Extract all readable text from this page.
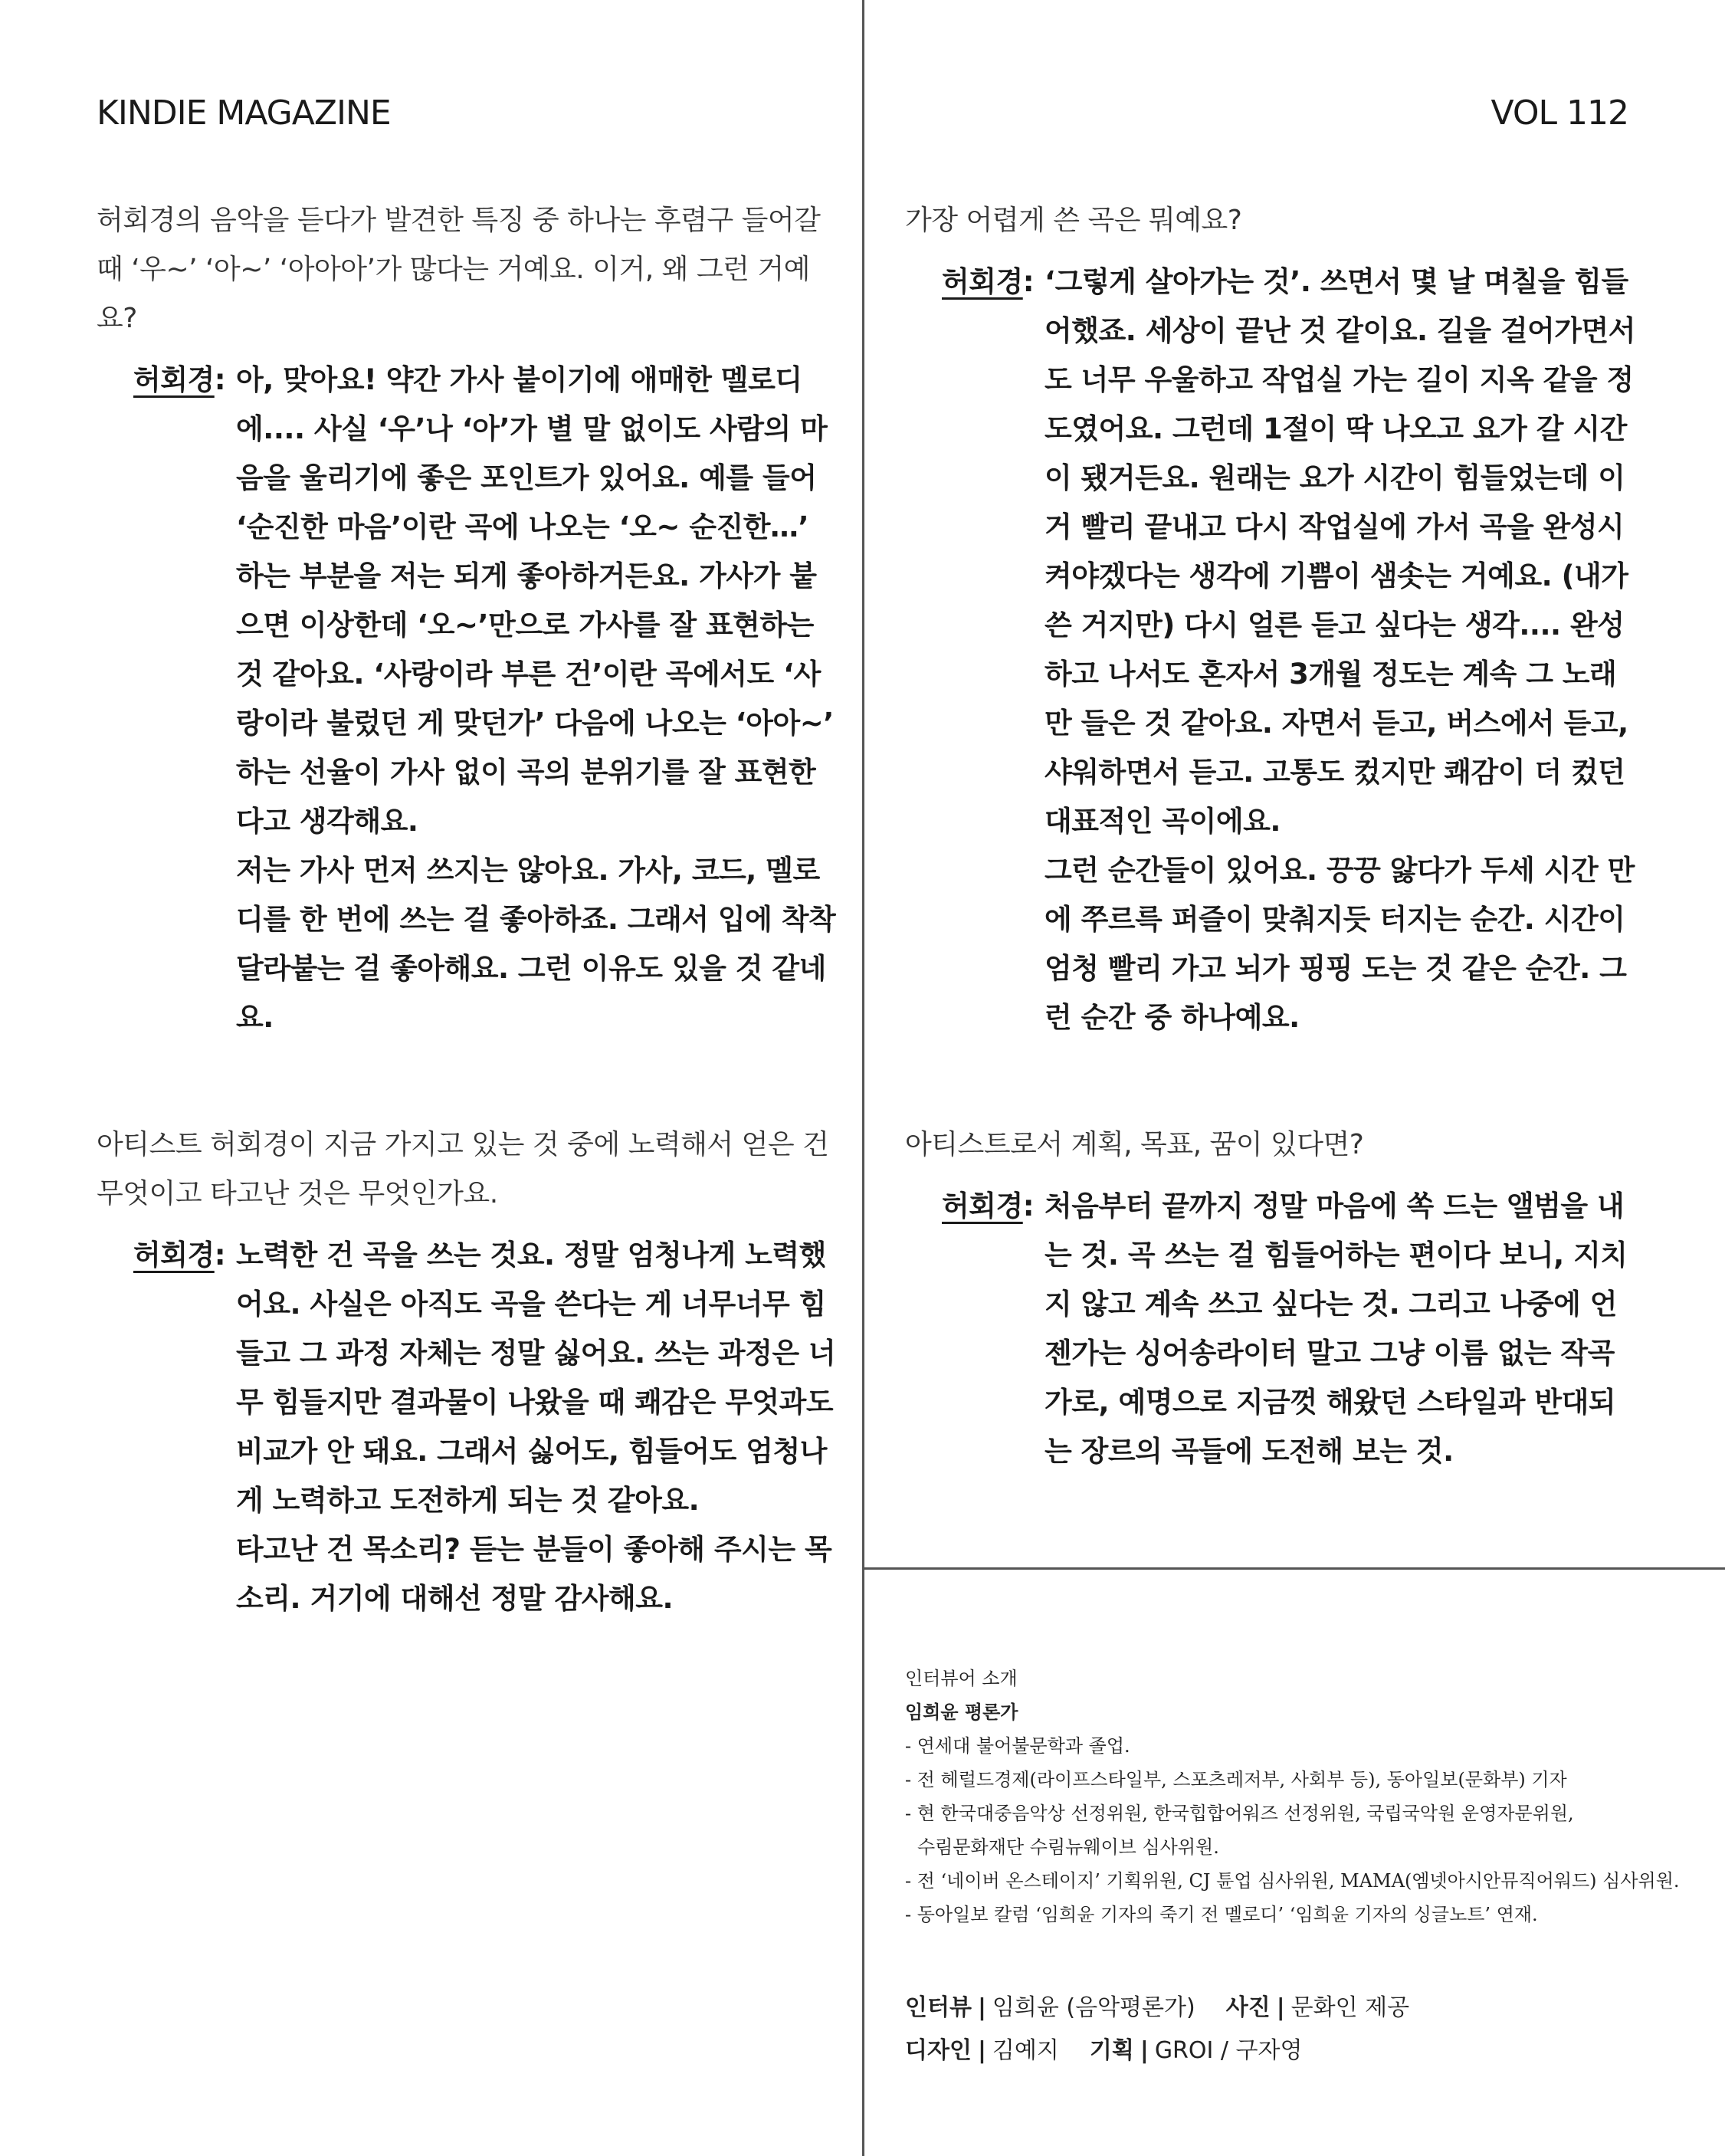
KINDIE MAGAZINE	VOL 112

허회경의 음악을 듣다가 발견한 특징 중 하나는 후렴구 들어갈 때 ‘우~’ ‘아~’ ‘아아아’가 많다는 거예요. 이거, 왜 그런 거예요?

허회경: 아, 맞아요! 약간 가사 붙이기에 애매한 멜로디에.... 사실 ‘우’나 ‘아’가 별 말 없이도 사람의 마음을 울리기에 좋은 포인트가 있어요. 예를 들어 ‘순진한 마음’이란 곡에 나오는 ‘오~ 순진한…’ 하는 부분을 저는 되게 좋아하거든요. 가사가 붙으면 이상한데 ‘오~’만으로 가사를 잘 표현하는 것 같아요. ‘사랑이라 부른 건’이란 곡에서도 ‘사랑이라 불렀던 게 맞던가’ 다음에 나오는 ‘아아~’ 하는 선율이 가사 없이 곡의 분위기를 잘 표현한다고 생각해요.

저는 가사 먼저 쓰지는 않아요. 가사, 코드, 멜로디를 한 번에 쓰는 걸 좋아하죠. 그래서 입에 착착 달라붙는 걸 좋아해요. 그런 이유도 있을 것 같네요.

아티스트 허회경이 지금 가지고 있는 것 중에 노력해서 얻은 건 무엇이고 타고난 것은 무엇인가요.

허회경: 노력한 건 곡을 쓰는 것요. 정말 엄청나게 노력했어요. 사실은 아직도 곡을 쓴다는 게 너무너무 힘들고 그 과정 자체는 정말 싫어요. 쓰는 과정은 너무 힘들지만 결과물이 나왔을 때 쾌감은 무엇과도 비교가 안 돼요. 그래서 싫어도, 힘들어도 엄청나게 노력하고 도전하게 되는 것 같아요.

타고난 건 목소리? 듣는 분들이 좋아해 주시는 목소리. 거기에 대해선 정말 감사해요.

가장 어렵게 쓴 곡은 뭐예요?

허회경: ‘그렇게 살아가는 것’. 쓰면서 몇 날 며칠을 힘들어했죠. 세상이 끝난 것 같이요. 길을 걸어가면서도 너무 우울하고 작업실 가는 길이 지옥 같을 정도였어요. 그런데 1절이 딱 나오고 요가 갈 시간이 됐거든요. 원래는 요가 시간이 힘들었는데 이거 빨리 끝내고 다시 작업실에 가서 곡을 완성시켜야겠다는 생각에 기쁨이 샘솟는 거예요. (내가 쓴 거지만) 다시 얼른 듣고 싶다는 생각.... 완성하고 나서도 혼자서 3개월 정도는 계속 그 노래만 들은 것 같아요. 자면서 듣고, 버스에서 듣고, 샤워하면서 듣고. 고통도 컸지만 쾌감이 더 컸던 대표적인 곡이에요.

그런 순간들이 있어요. 끙끙 앓다가 두세 시간 만에 쭈르륵 퍼즐이 맞춰지듯 터지는 순간. 시간이 엄청 빨리 가고 뇌가 핑핑 도는 것 같은 순간. 그런 순간 중 하나예요.

아티스트로서 계획, 목표, 꿈이 있다면?

허회경: 처음부터 끝까지 정말 마음에 쏙 드는 앨범을 내는 것. 곡 쓰는 걸 힘들어하는 편이다 보니, 지치지 않고 계속 쓰고 싶다는 것. 그리고 나중에 언젠가는 싱어송라이터 말고 그냥 이름 없는 작곡가로, 예명으로 지금껏 해왔던 스타일과 반대되는 장르의 곡들에 도전해 보는 것.

인터뷰어 소개
임희윤 평론가
- 연세대 불어불문학과 졸업.
- 전 헤럴드경제(라이프스타일부, 스포츠레저부, 사회부 등), 동아일보(문화부) 기자
- 현 한국대중음악상 선정위원, 한국힙합어워즈 선정위원, 국립국악원 운영자문위원,
수림문화재단 수림뉴웨이브 심사위원.
- 전 ‘네이버 온스테이지’ 기획위원, CJ 튠업 심사위원, MAMA(엠넷아시안뮤직어워드) 심사위원.
- 동아일보 칼럼 ‘임희윤 기자의 죽기 전 멜로디’ ‘임희윤 기자의 싱글노트’ 연재.
인터뷰 | 임희윤 (음악평론가) 사진 | 문화인 제공
디자인 | 김예지 기획 | GROI / 구자영
